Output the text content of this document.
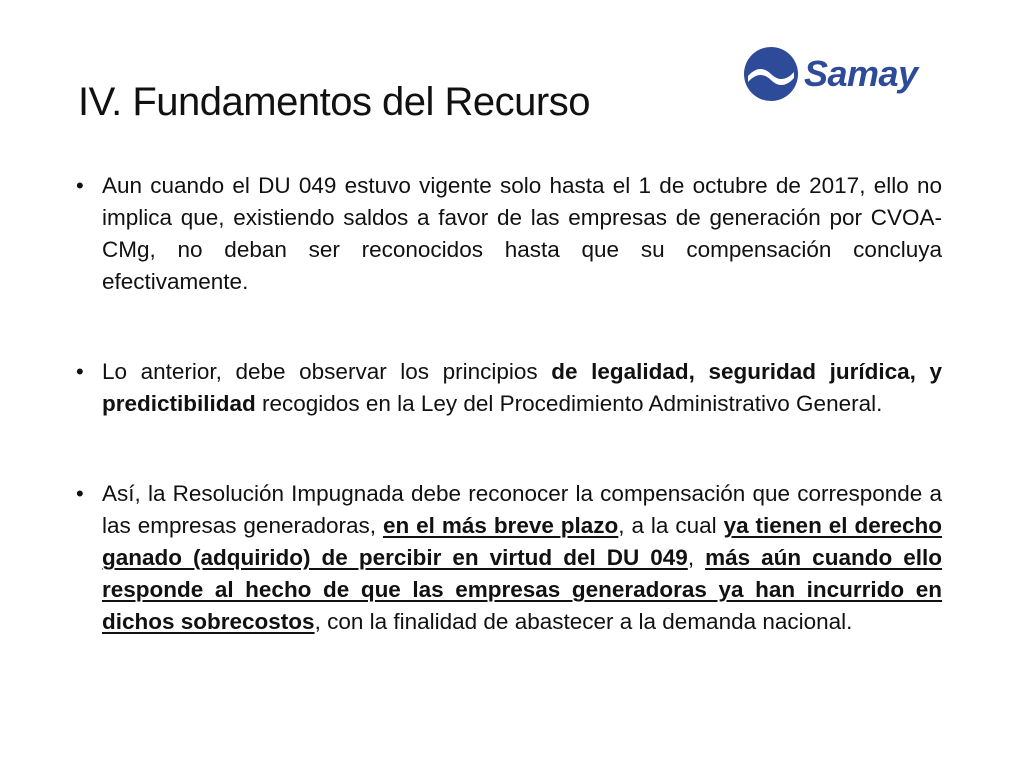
IV. Fundamentos del Recurso
Samay

• Aun cuando el DU 049 estuvo vigente solo hasta el 1 de octubre de 2017, ello no implica que, existiendo saldos a favor de las empresas de generación por CVOA-CMg, no deban ser reconocidos hasta que su compensación concluya efectivamente.

• Lo anterior, debe observar los principios de legalidad, seguridad jurídica, y predictibilidad recogidos en la Ley del Procedimiento Administrativo General.

• Así, la Resolución Impugnada debe reconocer la compensación que corresponde a las empresas generadoras, en el más breve plazo, a la cual ya tienen el derecho ganado (adquirido) de percibir en virtud del DU 049, más aún cuando ello responde al hecho de que las empresas generadoras ya han incurrido en dichos sobrecostos, con la finalidad de abastecer a la demanda nacional.
